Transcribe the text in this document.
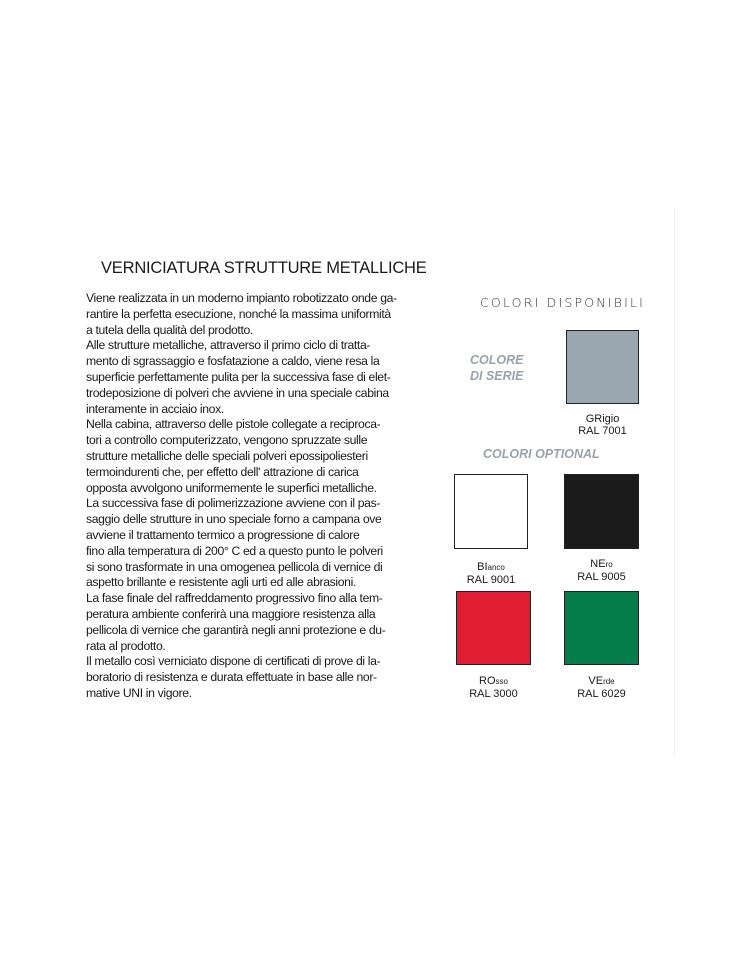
VERNICIATURA STRUTTURE METALLICHE
Viene realizzata in un moderno impianto robotizzato onde ga-
rantire la perfetta esecuzione, nonché la massima uniformità
a tutela della qualità del prodotto.
Alle strutture metalliche, attraverso il primo ciclo di tratta-
mento di sgrassaggio e fosfatazione a caldo, viene resa la
superficie perfettamente pulita per la successiva fase di elet-
trodeposizione di polveri che avviene in una speciale cabina
interamente in acciaio inox.
Nella cabina, attraverso delle pistole collegate a reciproca-
tori a controllo computerizzato, vengono spruzzate sulle
strutture metalliche delle speciali polveri epossipoliesteri
termoindurenti che, per effetto dell' attrazione di carica
opposta avvolgono uniformemente le superfici metalliche.
La successiva fase di polimerizzazione avviene con il pas-
saggio delle strutture in uno speciale forno a campana ove
avviene il trattamento termico a progressione di calore
fino alla temperatura di 200° C ed a questo punto le polveri
si sono trasformate in una omogenea pellicola di vernice di
aspetto brillante e resistente agli urti ed alle abrasioni.
La fase finale del raffreddamento progressivo fino alla tem-
peratura ambiente conferirà una maggiore resistenza alla
pellicola di vernice che garantirà negli anni protezione e du-
rata al prodotto.
Il metallo così verniciato dispone di certificati di prove di la-
boratorio di resistenza e durata effettuate in base alle nor-
mative UNI in vigore.
COLORI DISPONIBILI
COLORE
DI SERIE
COLORI OPTIONAL
GRigio
RAL 7001
BIanco
RAL 9001
NEro
RAL 9005
ROsso
RAL 3000
VErde
RAL 6029
